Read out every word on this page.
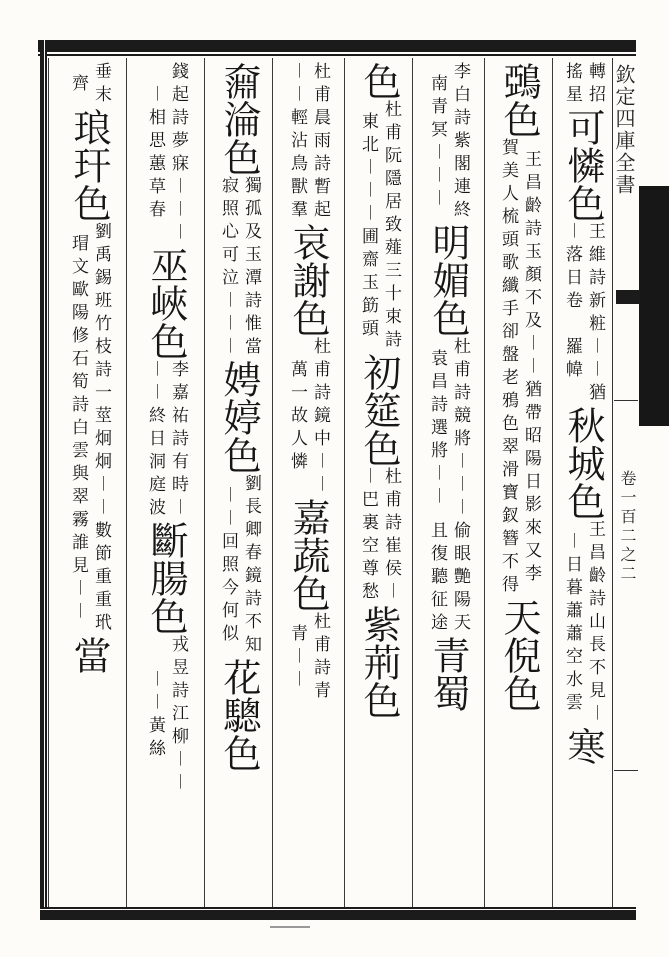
欽定四庫全書
卷一百二之二
轉招
搖星
可憐色
王維詩新
︱落日卷
粧︱︱猶
羅幃
秋城色
王昌齡詩山長不見︱
︱日暮蕭蕭空水雲
寒
鵶色
王昌齡詩玉顏不及︱︱猶帶昭陽日影來又李
賀美人梳頭歌纖手卻盤老鴉色翠滑寶釵簪不得
天倪色
李白詩紫閣連終
南青冥︱︱︱
明媚色
杜甫詩競將︱︱︱
袁昌詩選將︱︱
偷眼艷陽天
且復聽征途
青蜀
色
杜甫阮隱居致薤三十束詩
東北︱︱︱圃齋玉筯頭
初筵色
杜甫詩崔侯︱
︱巴裏空尊愁
紫荊色
杜甫晨雨詩暫起
︱︱輕沾鳥獸羣
哀謝色
杜甫詩鏡中︱︱
萬一故人憐
嘉蔬色
杜甫詩青
青︱︱
奫淪色
獨孤及玉潭詩惟當
寂照心可泣︱︱︱
娉婷色
劉長卿春鏡詩不知
︱︱回照今何似
花驄色
錢起詩夢寐︱︱︱
︱相思蕙草春
巫峽色
李嘉祐詩有時︱
︱︱終日洞庭波
斷腸色
戎昱詩江柳︱︱
︱︱黃絲
垂末
齊
琅玕色
劉禹錫班竹枝詩一莖炯炯︱︱數節重重玳
瑁文歐陽修石筍詩白雲與翠霧誰見︱︱
當
